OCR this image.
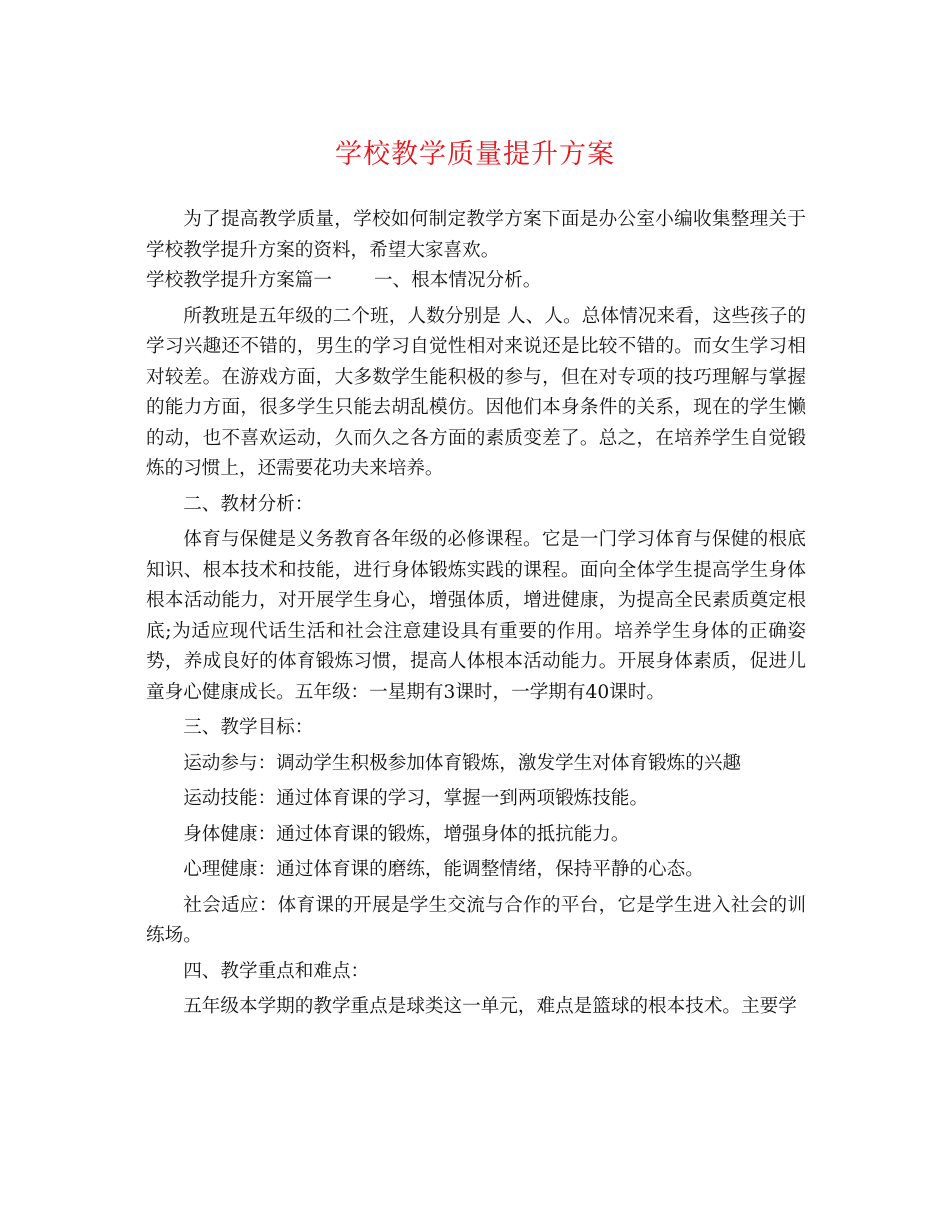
学校教学质量提升方案

为了提高教学质量，学校如何制定教学方案下面是办公室小编收集整理关于学校教学提升方案的资料，希望大家喜欢。

学校教学提升方案篇一 一、根本情况分析。

所教班是五年级的二个班，人数分别是 人、人。总体情况来看，这些孩子的学习兴趣还不错的，男生的学习自觉性相对来说还是比较不错的。而女生学习相对较差。在游戏方面，大多数学生能积极的参与，但在对专项的技巧理解与掌握的能力方面，很多学生只能去胡乱模仿。因他们本身条件的关系，现在的学生懒的动，也不喜欢运动，久而久之各方面的素质变差了。总之，在培养学生自觉锻炼的习惯上，还需要花功夫来培养。

二、教材分析：

体育与保健是义务教育各年级的必修课程。它是一门学习体育与保健的根底知识、根本技术和技能，进行身体锻炼实践的课程。面向全体学生提高学生身体根本活动能力，对开展学生身心，增强体质，增进健康，为提高全民素质奠定根底;为适应现代话生活和社会注意建设具有重要的作用。培养学生身体的正确姿势，养成良好的体育锻炼习惯，提高人体根本活动能力。开展身体素质，促进儿童身心健康成长。五年级：一星期有3课时，一学期有40课时。

三、教学目标：

运动参与：调动学生积极参加体育锻炼，激发学生对体育锻炼的兴趣

运动技能：通过体育课的学习，掌握一到两项锻炼技能。

身体健康：通过体育课的锻炼，增强身体的抵抗能力。

心理健康：通过体育课的磨练，能调整情绪，保持平静的心态。

社会适应：体育课的开展是学生交流与合作的平台，它是学生进入社会的训练场。

四、教学重点和难点：

五年级本学期的教学重点是球类这一单元，难点是篮球的根本技术。主要学
